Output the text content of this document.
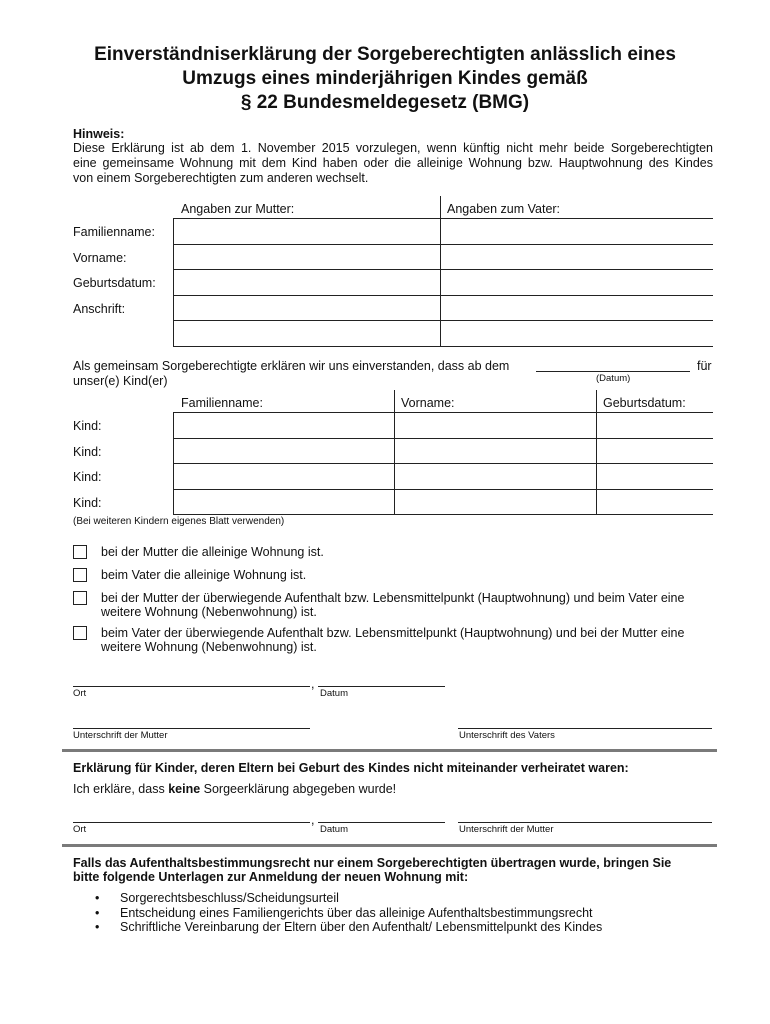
Einverständniserklärung der Sorgeberechtigten anlässlich eines
Umzugs eines minderjährigen Kindes gemäß
§ 22 Bundesmeldegesetz (BMG)
Hinweis:
Diese Erklärung ist ab dem 1. November 2015 vorzulegen, wenn künftig nicht mehr beide Sorgeberechtigten
eine gemeinsame Wohnung mit dem Kind haben oder die alleinige Wohnung bzw. Hauptwohnung des Kindes
von einem Sorgeberechtigten zum anderen wechselt.
Angaben zur Mutter:	Angaben zum Vater:
Familienname:
Vorname:
Geburtsdatum:
Anschrift:
Als gemeinsam Sorgeberechtigte erklären wir uns einverstanden, dass ab dem	für
(Datum)
unser(e) Kind(er)
Familienname:	Vorname:	Geburtsdatum:
Kind:
Kind:
Kind:
Kind:
(Bei weiteren Kindern eigenes Blatt verwenden)
bei der Mutter die alleinige Wohnung ist.
beim Vater die alleinige Wohnung ist.
bei der Mutter der überwiegende Aufenthalt bzw. Lebensmittelpunkt (Hauptwohnung) und beim Vater eine
weitere Wohnung (Nebenwohnung) ist.
beim Vater der überwiegende Aufenthalt bzw. Lebensmittelpunkt (Hauptwohnung) und bei der Mutter eine
weitere Wohnung (Nebenwohnung) ist.
,
Ort	Datum
Unterschrift der Mutter	Unterschrift des Vaters
Erklärung für Kinder, deren Eltern bei Geburt des Kindes nicht miteinander verheiratet waren:
Ich erkläre, dass keine Sorgeerklärung abgegeben wurde!
,
Ort	Datum	Unterschrift der Mutter
Falls das Aufenthaltsbestimmungsrecht nur einem Sorgeberechtigten übertragen wurde, bringen Sie
bitte folgende Unterlagen zur Anmeldung der neuen Wohnung mit:
• Sorgerechtsbeschluss/Scheidungsurteil
• Entscheidung eines Familiengerichts über das alleinige Aufenthaltsbestimmungsrecht
• Schriftliche Vereinbarung der Eltern über den Aufenthalt/ Lebensmittelpunkt des Kindes
